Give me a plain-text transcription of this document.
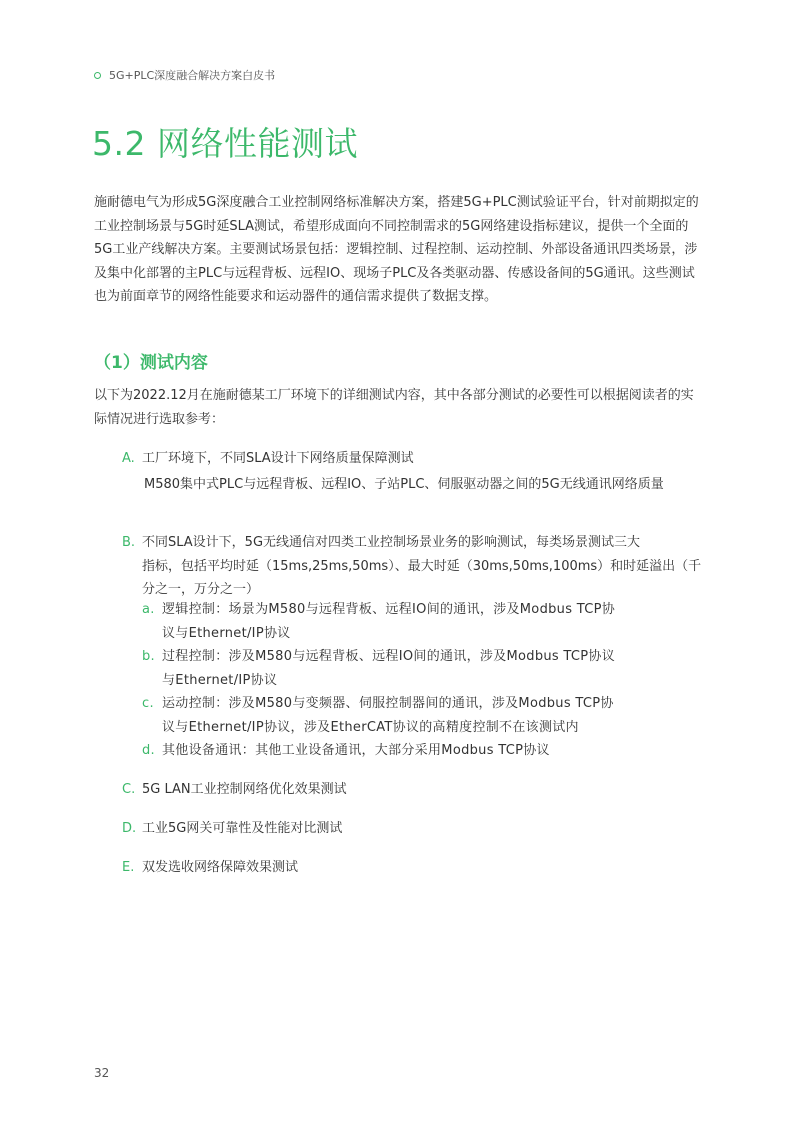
5G+PLC深度融合解决方案白皮书
5.2 网络性能测试

施耐德电气为形成5G深度融合工业控制网络标准解决方案，搭建5G+PLC测试验证平台，针对前期拟定的工业控制场景与5G时延SLA测试，希望形成面向不同控制需求的5G网络建设指标建议，提供一个全面的5G工业产线解决方案。主要测试场景包括：逻辑控制、过程控制、运动控制、外部设备通讯四类场景，涉及集中化部署的主PLC与远程背板、远程IO、现场子PLC及各类驱动器、传感设备间的5G通讯。这些测试也为前面章节的网络性能要求和运动器件的通信需求提供了数据支撑。

（1）测试内容

以下为2022.12月在施耐德某工厂环境下的详细测试内容，其中各部分测试的必要性可以根据阅读者的实际情况进行选取参考：

A. 工厂环境下，不同SLA设计下网络质量保障测试
M580集中式PLC与远程背板、远程IO、子站PLC、伺服驱动器之间的5G无线通讯网络质量
B. 不同SLA设计下，5G无线通信对四类工业控制场景业务的影响测试，每类场景测试三大
指标，包括平均时延（15ms,25ms,50ms）、最大时延（30ms,50ms,100ms）和时延溢出（千分之一，万分之一）
a. 逻辑控制：场景为M580与远程背板、远程IO间的通讯，涉及Modbus TCP协
议与Ethernet/IP协议
b. 过程控制：涉及M580与远程背板、远程IO间的通讯，涉及Modbus TCP协议
与Ethernet/IP协议
c. 运动控制：涉及M580与变频器、伺服控制器间的通讯，涉及Modbus TCP协
议与Ethernet/IP协议，涉及EtherCAT协议的高精度控制不在该测试内
d. 其他设备通讯：其他工业设备通讯，大部分采用Modbus TCP协议
C. 5G LAN工业控制网络优化效果测试
D. 工业5G网关可靠性及性能对比测试
E. 双发选收网络保障效果测试
32
